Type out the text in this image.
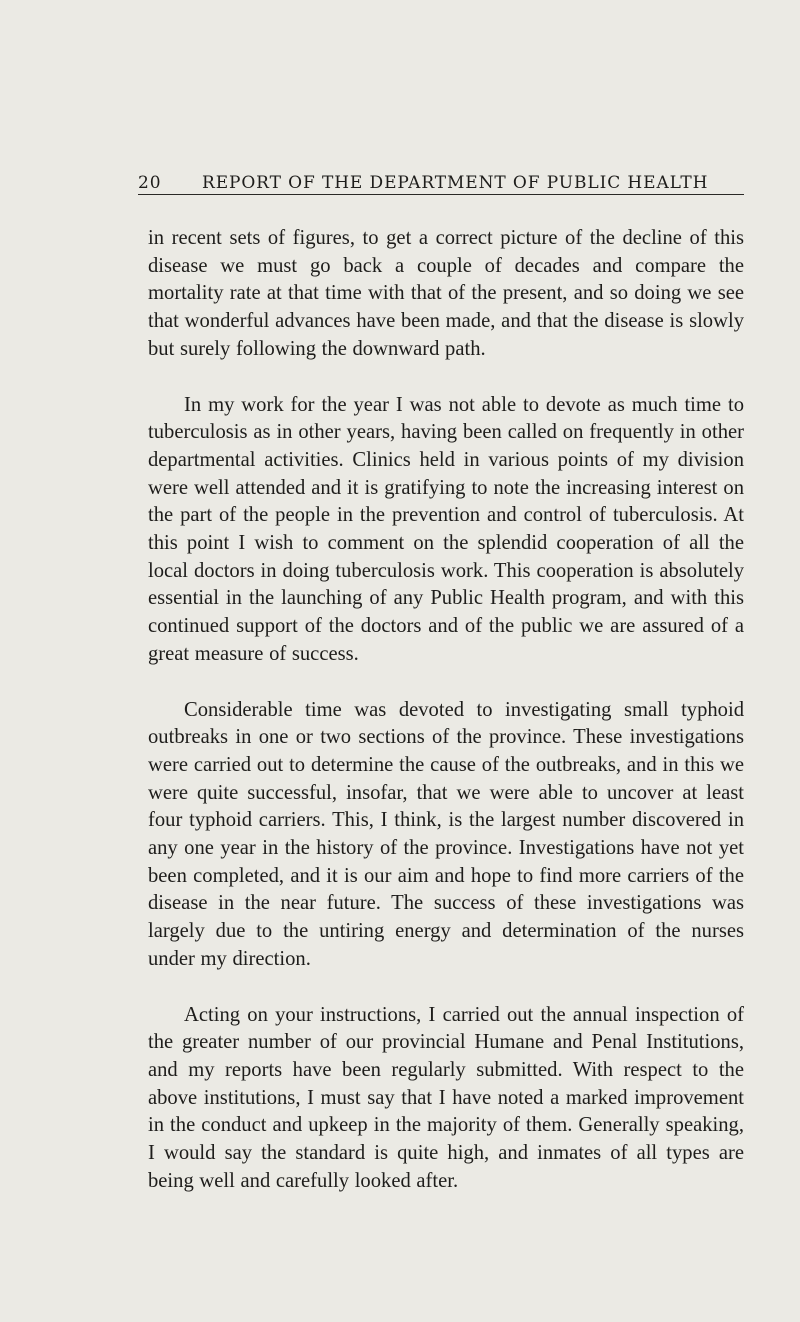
20 REPORT OF THE DEPARTMENT OF PUBLIC HEALTH

in recent sets of figures, to get a correct picture of the decline of this disease we must go back a couple of decades and compare the mortality rate at that time with that of the present, and so doing we see that wonderful advances have been made, and that the disease is slowly but surely following the downward path.

In my work for the year I was not able to devote as much time to tuberculosis as in other years, having been called on frequently in other departmental activities. Clinics held in various points of my division were well attended and it is gratifying to note the increasing interest on the part of the people in the prevention and control of tuberculosis. At this point I wish to comment on the splendid cooperation of all the local doctors in doing tuberculosis work. This cooperation is absolutely essential in the launching of any Public Health program, and with this continued support of the doctors and of the public we are assured of a great measure of success.

Considerable time was devoted to investigating small typhoid outbreaks in one or two sections of the province. These investigations were carried out to determine the cause of the outbreaks, and in this we were quite successful, insofar, that we were able to uncover at least four typhoid carriers. This, I think, is the largest number discovered in any one year in the history of the province. Investigations have not yet been completed, and it is our aim and hope to find more carriers of the disease in the near future. The success of these investigations was largely due to the untiring energy and determination of the nurses under my direction.

Acting on your instructions, I carried out the annual inspection of the greater number of our provincial Humane and Penal Institutions, and my reports have been regularly submitted. With respect to the above institutions, I must say that I have noted a marked improvement in the conduct and upkeep in the majority of them. Generally speaking, I would say the standard is quite high, and inmates of all types are being well and carefully looked after.
